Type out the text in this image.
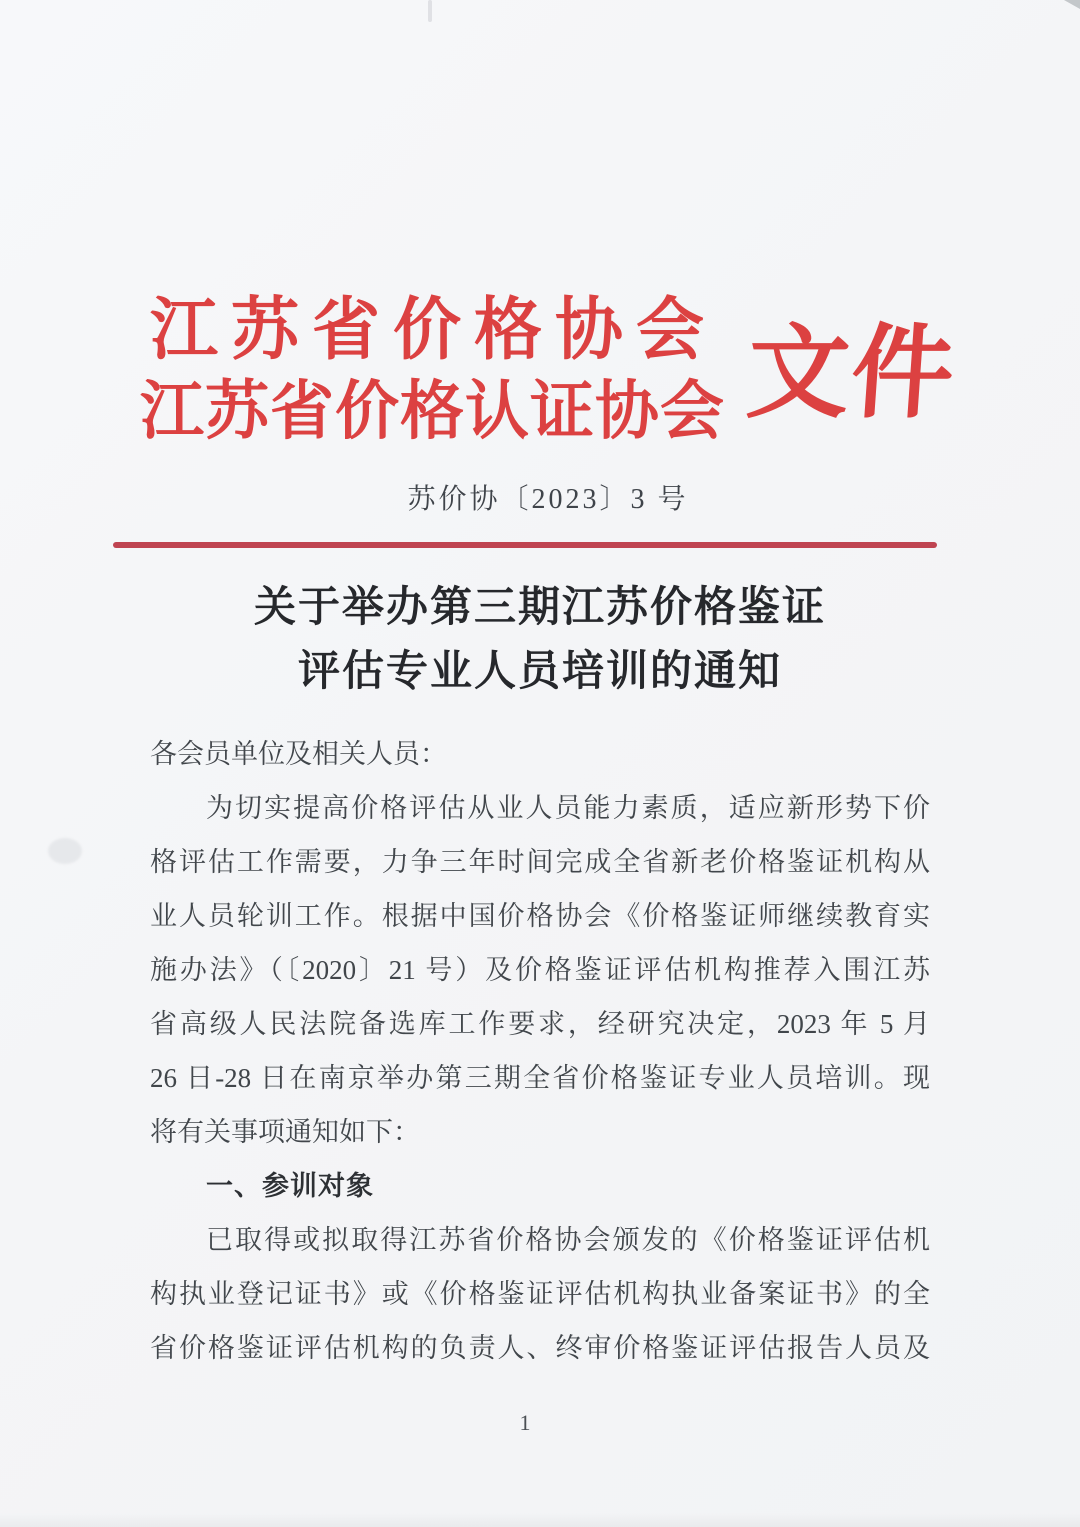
江苏省价格协会
江苏省价格认证协会 文件
苏价协〔2023〕3 号
关于举办第三期江苏价格鉴证
评估专业人员培训的通知
各会员单位及相关人员：
为切实提高价格评估从业人员能力素质，适应新形势下价
格评估工作需要，力争三年时间完成全省新老价格鉴证机构从
业人员轮训工作。根据中国价格协会《价格鉴证师继续教育实
施办法》（〔2020〕21 号）及价格鉴证评估机构推荐入围江苏
省高级人民法院备选库工作要求，经研究决定，2023 年 5 月
26 日-28 日在南京举办第三期全省价格鉴证专业人员培训。现
将有关事项通知如下：
一、参训对象
已取得或拟取得江苏省价格协会颁发的《价格鉴证评估机
构执业登记证书》或《价格鉴证评估机构执业备案证书》的全
省价格鉴证评估机构的负责人、终审价格鉴证评估报告人员及
1
